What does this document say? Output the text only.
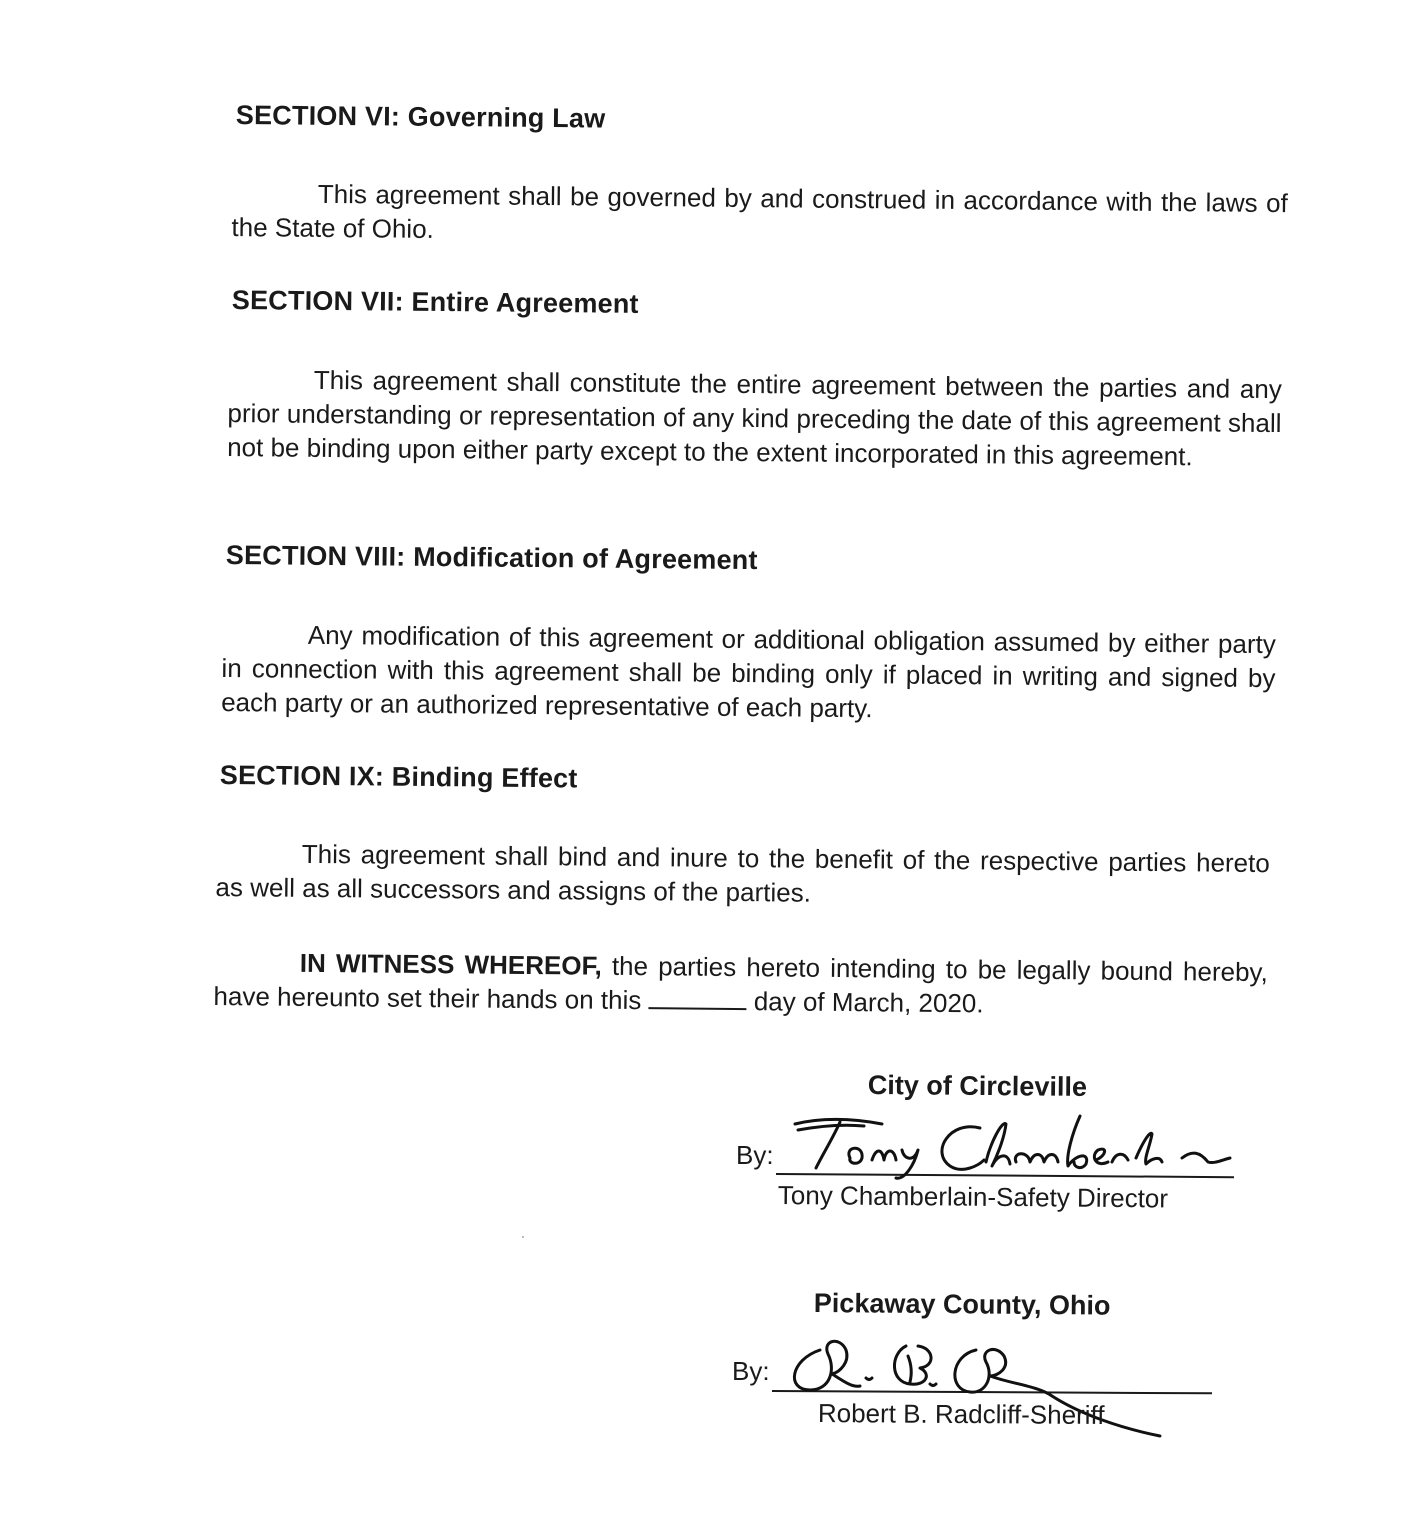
SECTION VI: Governing Law
This agreement shall be governed by and construed in accordance with the laws of the State of Ohio.
SECTION VII: Entire Agreement
This agreement shall constitute the entire agreement between the parties and any prior understanding or representation of any kind preceding the date of this agreement shall not be binding upon either party except to the extent incorporated in this agreement.
SECTION VIII: Modification of Agreement
Any modification of this agreement or additional obligation assumed by either party in connection with this agreement shall be binding only if placed in writing and signed by each party or an authorized representative of each party.
SECTION IX: Binding Effect
This agreement shall bind and inure to the benefit of the respective parties hereto as well as all successors and assigns of the parties.
IN WITNESS WHEREOF, the parties hereto intending to be legally bound hereby, have hereunto set their hands on this	day of March, 2020.
City of Circleville
By:
Tony Chamberlain-Safety Director
Pickaway County, Ohio
By:
Robert B. Radcliff-Sheriff
